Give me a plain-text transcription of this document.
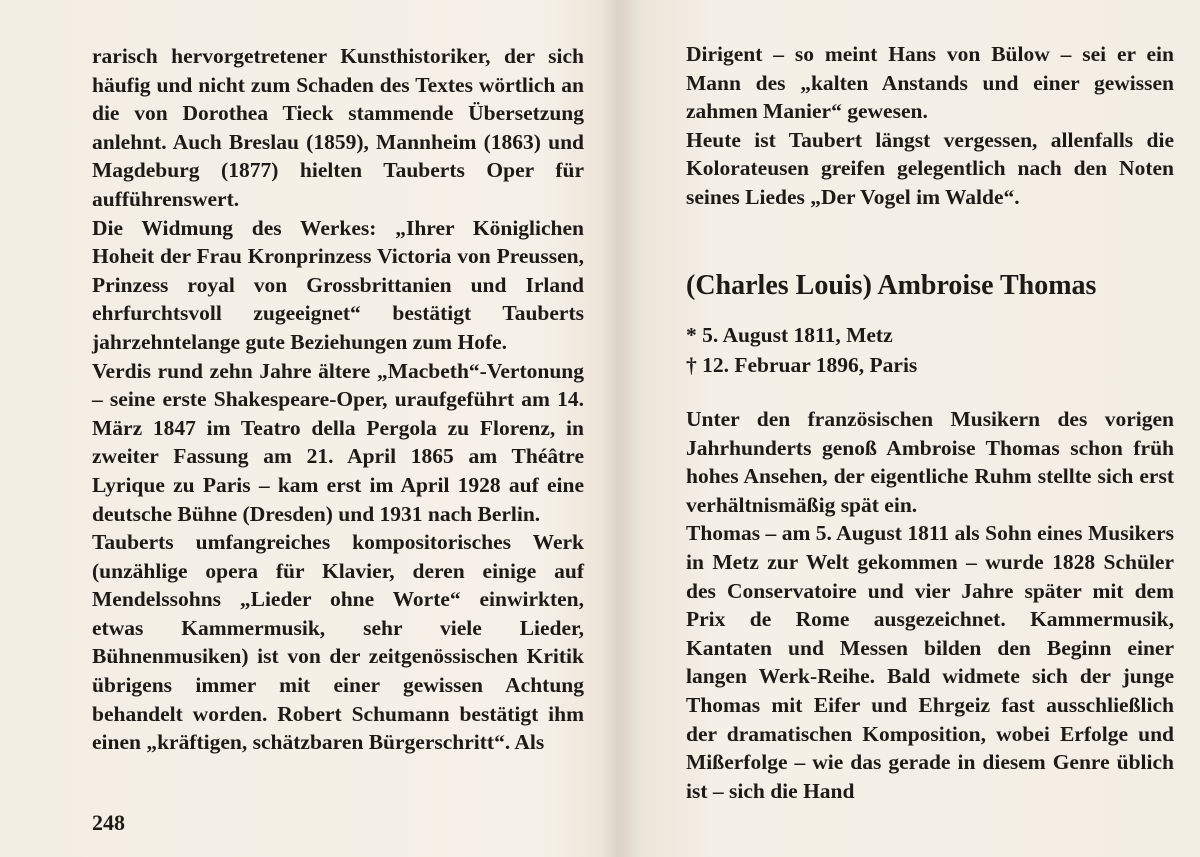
rarisch hervorgetretener Kunsthistoriker, der sich häufig und nicht zum Schaden des Textes wörtlich an die von Dorothea Tieck stammende Übersetzung anlehnt. Auch Breslau (1859), Mannheim (1863) und Magdeburg (1877) hielten Tauberts Oper für aufführenswert.

Die Widmung des Werkes: „Ihrer Königlichen Hoheit der Frau Kronprinzess Victoria von Preussen, Prinzess royal von Grossbrittanien und Irland ehrfurchtsvoll zugeeignet“ bestätigt Tauberts jahrzehntelange gute Beziehungen zum Hofe.

Verdis rund zehn Jahre ältere „Macbeth“-Vertonung – seine erste Shakespeare-Oper, uraufgeführt am 14. März 1847 im Teatro della Pergola zu Florenz, in zweiter Fassung am 21. April 1865 am Théâtre Lyrique zu Paris – kam erst im April 1928 auf eine deutsche Bühne (Dresden) und 1931 nach Berlin.

Tauberts umfangreiches kompositorisches Werk (unzählige opera für Klavier, deren einige auf Mendelssohns „Lieder ohne Worte“ einwirkten, etwas Kammermusik, sehr viele Lieder, Bühnenmusiken) ist von der zeitgenössischen Kritik übrigens immer mit einer gewissen Achtung behandelt worden. Robert Schumann bestätigt ihm einen „kräftigen, schätzbaren Bürgerschritt“. Als

248

Dirigent – so meint Hans von Bülow – sei er ein Mann des „kalten Anstands und einer gewissen zahmen Manier“ gewesen.

Heute ist Taubert längst vergessen, allenfalls die Kolorateusen greifen gelegentlich nach den Noten seines Liedes „Der Vogel im Walde“.

(Charles Louis) Ambroise Thomas
* 5. August 1811, Metz
† 12. Februar 1896, Paris

Unter den französischen Musikern des vorigen Jahrhunderts genoß Ambroise Thomas schon früh hohes Ansehen, der eigentliche Ruhm stellte sich erst verhältnismäßig spät ein.

Thomas – am 5. August 1811 als Sohn eines Musikers in Metz zur Welt gekommen – wurde 1828 Schüler des Conservatoire und vier Jahre später mit dem Prix de Rome ausgezeichnet. Kammermusik, Kantaten und Messen bilden den Beginn einer langen Werk-Reihe. Bald widmete sich der junge Thomas mit Eifer und Ehrgeiz fast ausschließlich der dramatischen Komposition, wobei Erfolge und Mißerfolge – wie das gerade in diesem Genre üblich ist – sich die Hand
